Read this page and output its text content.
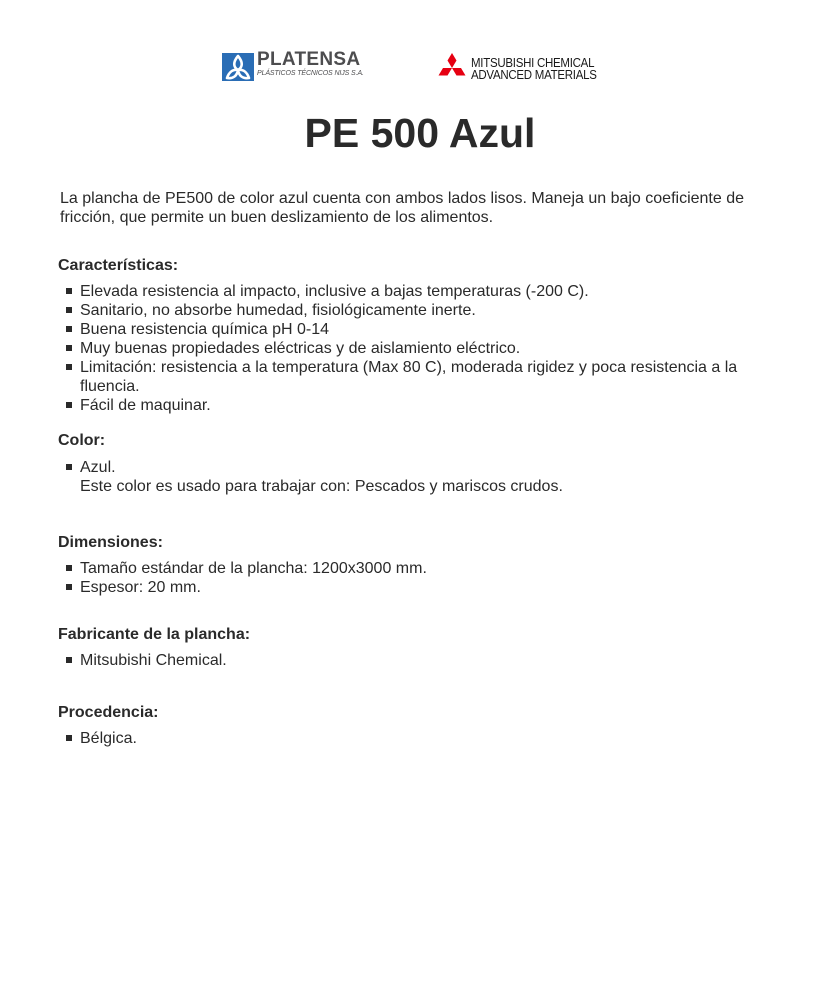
PLATENSA
PLÁSTICOS TÉCNICOS NIJS S.A.
MITSUBISHI CHEMICAL
ADVANCED MATERIALS
PE 500 Azul

La plancha de PE500 de color azul cuenta con ambos lados lisos. Maneja un bajo coeficiente de fricción, que permite un buen deslizamiento de los alimentos.

Características:
Elevada resistencia al impacto, inclusive a bajas temperaturas (-200 C).
Sanitario, no absorbe humedad, fisiológicamente inerte.
Buena resistencia química pH 0-14
Muy buenas propiedades eléctricas y de aislamiento eléctrico.
Limitación: resistencia a la temperatura (Max 80 C), moderada rigidez y poca resistencia a la fluencia.
Fácil de maquinar.
Color:
Azul.
Este color es usado para trabajar con: Pescados y mariscos crudos.
Dimensiones:
Tamaño estándar de la plancha: 1200x3000 mm.
Espesor: 20 mm.
Fabricante de la plancha:
Mitsubishi Chemical.
Procedencia:
Bélgica.
